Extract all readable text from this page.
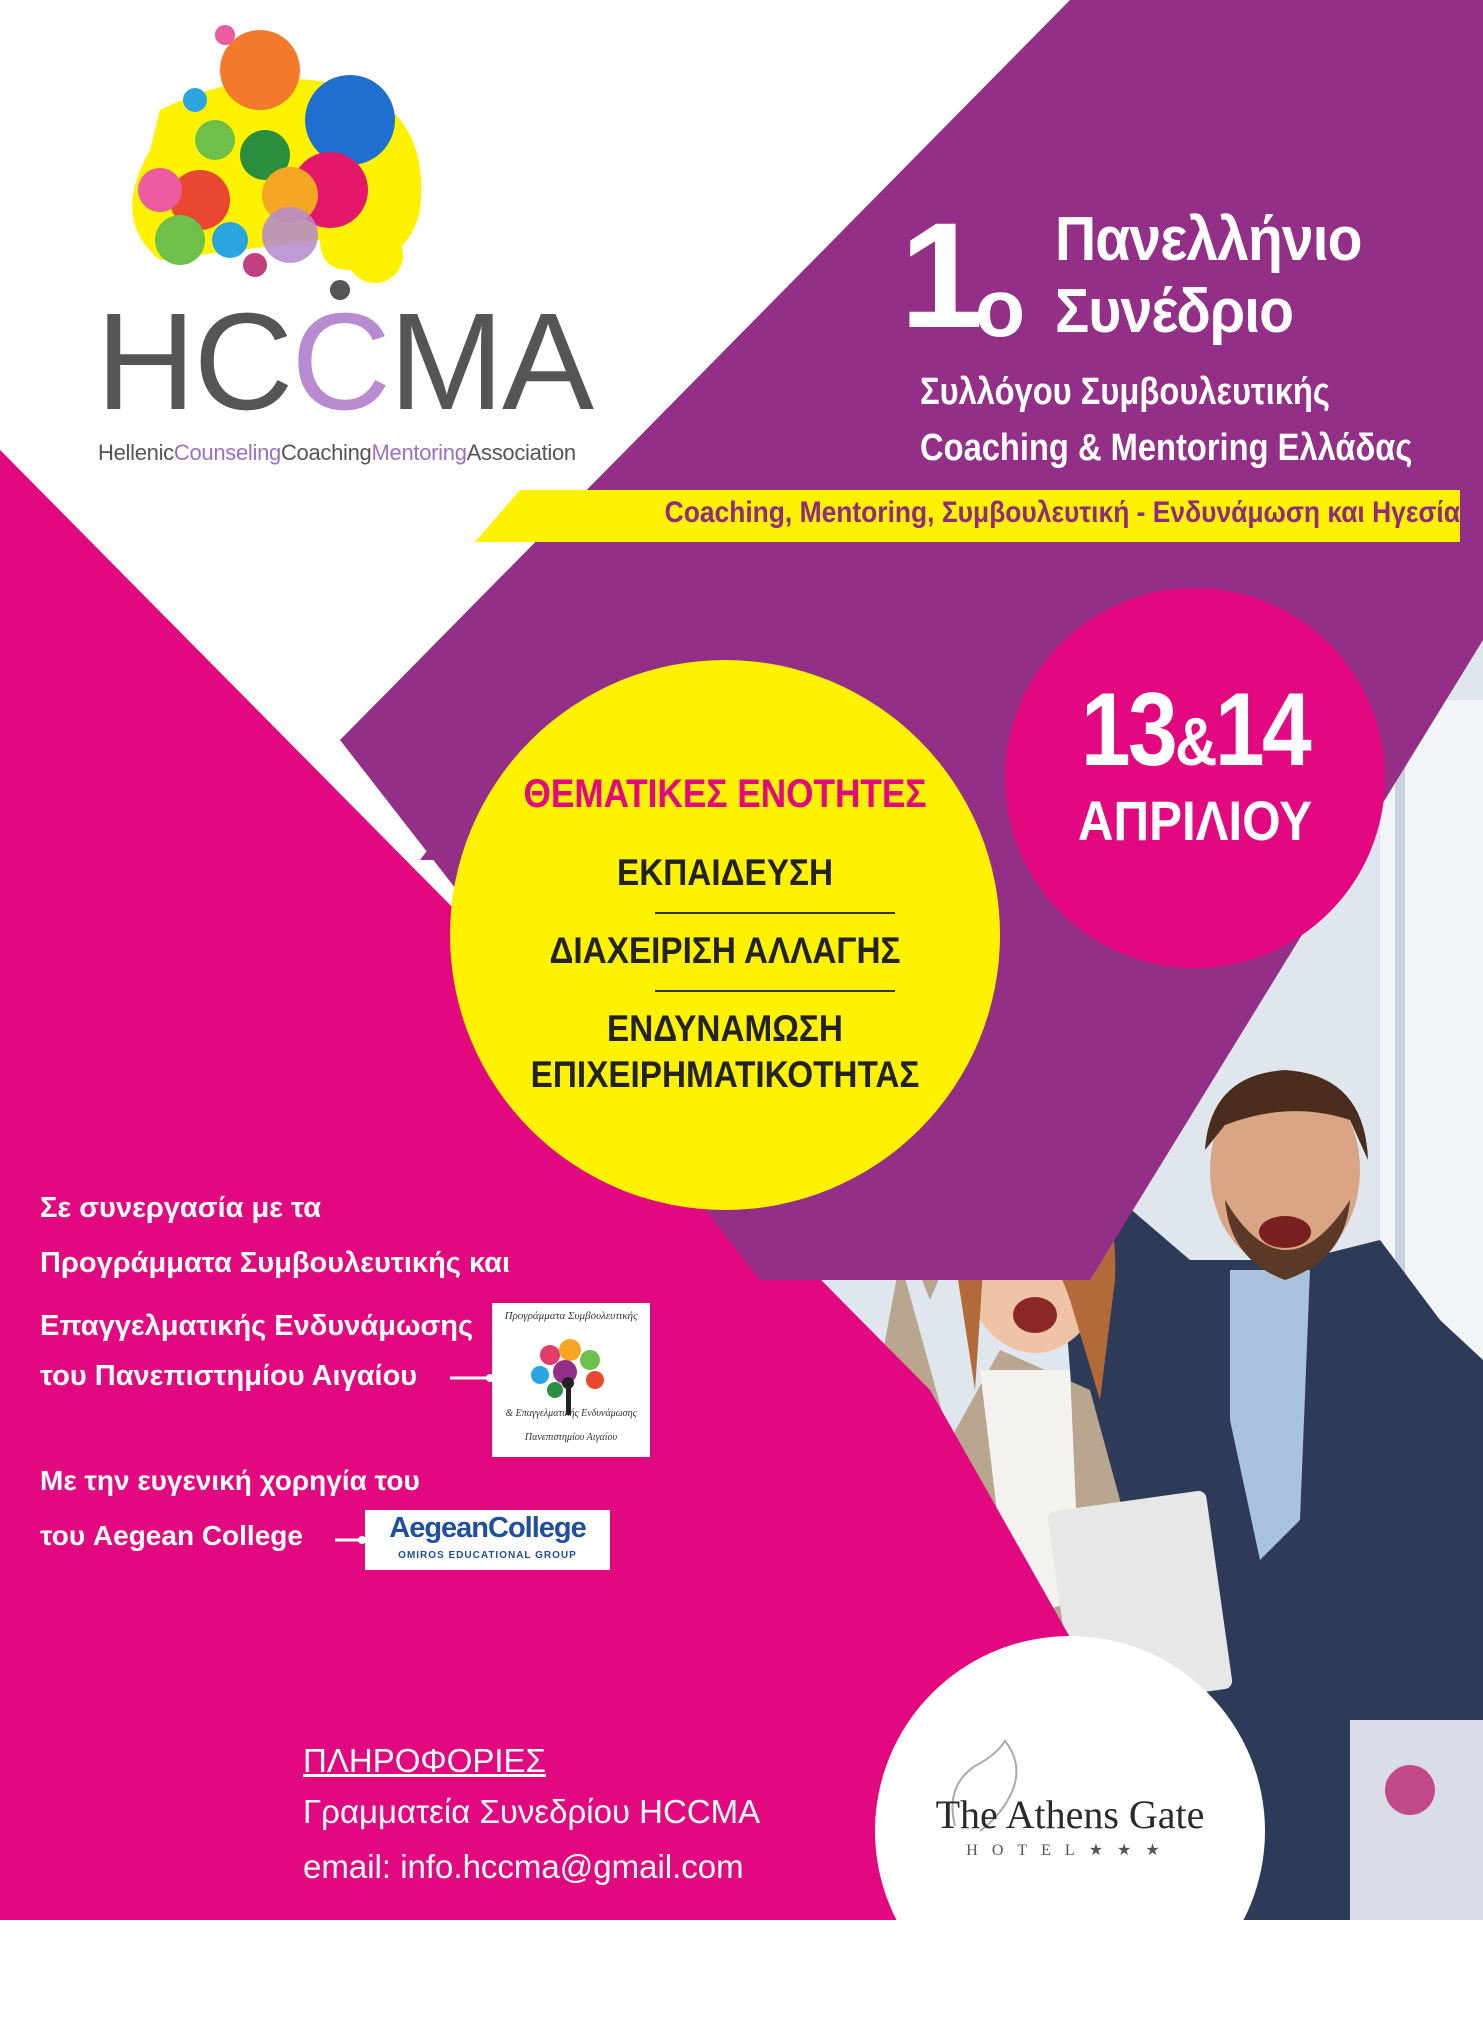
HCCMA
HellenicCounselingCoachingMentoringAssociation
1
ο
Πανελλήνιο
Συνέδριο
Συλλόγου Συμβουλευτικής
Coaching & Mentoring Ελλάδας
Coaching, Mentoring, Συμβουλευτική - Ενδυνάμωση και Ηγεσία
13&14
ΑΠΡΙΛΙΟΥ
ΘΕΜΑΤΙΚΕΣ ΕΝΟΤΗΤΕΣ
ΕΚΠΑΙΔΕΥΣΗ
ΔΙΑΧΕΙΡΙΣΗ ΑΛΛΑΓΗΣ
ΕΝΔΥΝΑΜΩΣΗ
ΕΠΙΧΕΙΡΗΜΑΤΙΚΟΤΗΤΑΣ
Σε συνεργασία με τα
Προγράμματα Συμβουλευτικής και
Επαγγελματικής Ενδυνάμωσης
του Πανεπιστημίου Αιγαίου
Με την ευγενική χορηγία του
του Aegean College
Προγράμματα Συμβουλευτικής
& Επαγγελματικής Ενδυνάμωσης
Πανεπιστημίου Αιγαίου
AegeanCollege
OMIROS EDUCATIONAL GROUP
ΠΛΗΡΟΦΟΡΙΕΣ
Γραμματεία Συνεδρίου HCCMA
email: info.hccma@gmail.com
The Athens Gate
HOTEL★★★
